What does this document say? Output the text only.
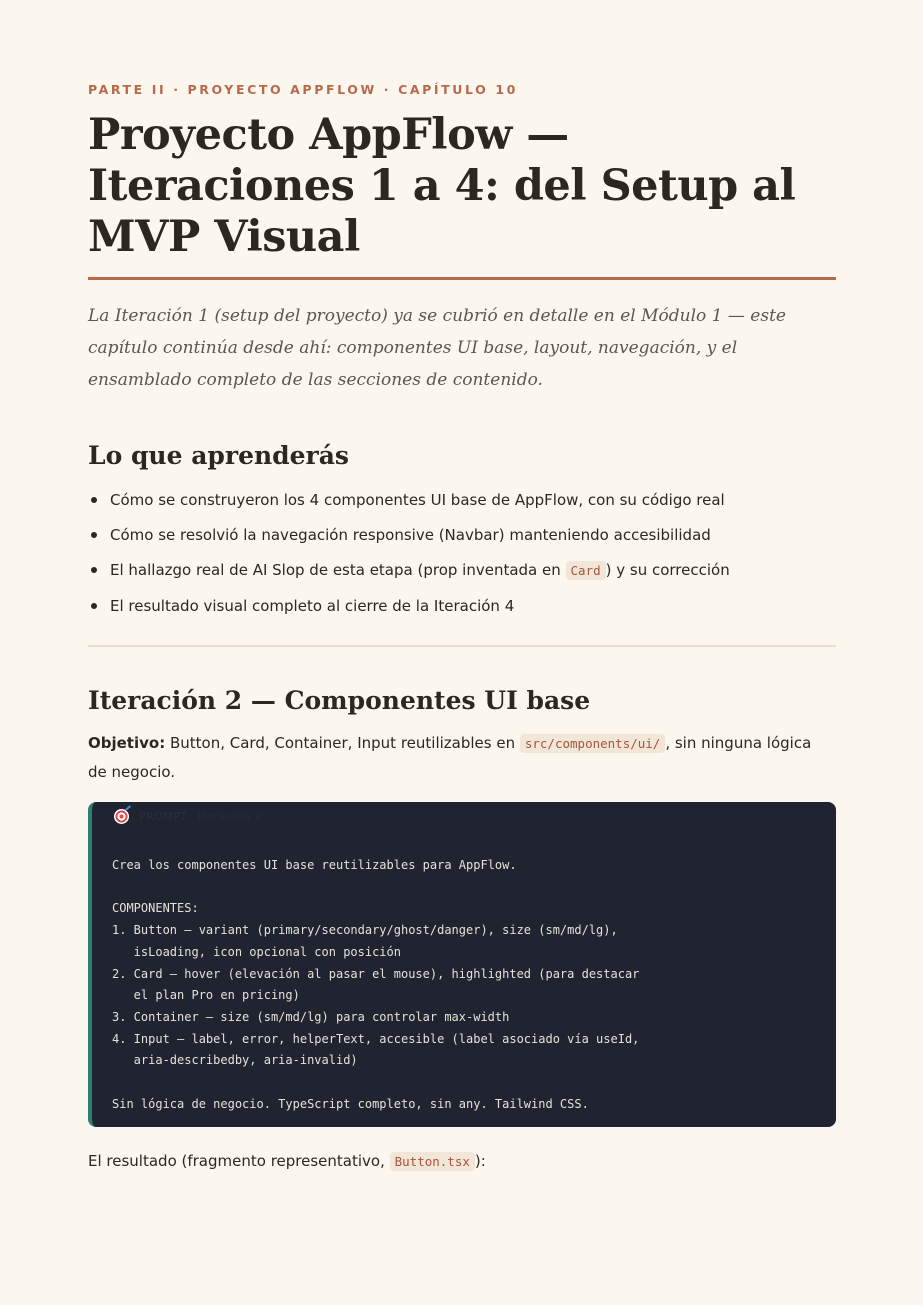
PARTE II · PROYECTO APPFLOW · CAPÍTULO 10

Proyecto AppFlow —
Iteraciones 1 a 4: del Setup al
MVP Visual

La Iteración 1 (setup del proyecto) ya se cubrió en detalle en el Módulo 1 — este capítulo continúa desde ahí: componentes UI base, layout, navegación, y el ensamblado completo de las secciones de contenido.

Lo que aprenderás
Cómo se construyeron los 4 componentes UI base de AppFlow, con su código real
Cómo se resolvió la navegación responsive (Navbar) manteniendo accesibilidad
El hallazgo real de AI Slop de esta etapa (prop inventada en Card ) y su corrección
El resultado visual completo al cierre de la Iteración 4
Iteración 2 — Componentes UI base

Objetivo: Button, Card, Container, Input reutilizables en src/components/ui/ , sin ninguna lógica de negocio.

PROMPT Iteración 2
Crea los componentes UI base reutilizables para AppFlow.

COMPONENTES:
1. Button — variant (primary/secondary/ghost/danger), size (sm/md/lg),
isLoading, icon opcional con posición
2. Card — hover (elevación al pasar el mouse), highlighted (para destacar
el plan Pro en pricing)
3. Container — size (sm/md/lg) para controlar max-width
4. Input — label, error, helperText, accesible (label asociado vía useId,
aria-describedby, aria-invalid)

Sin lógica de negocio. TypeScript completo, sin any. Tailwind CSS.

El resultado (fragmento representativo, Button.tsx ):
